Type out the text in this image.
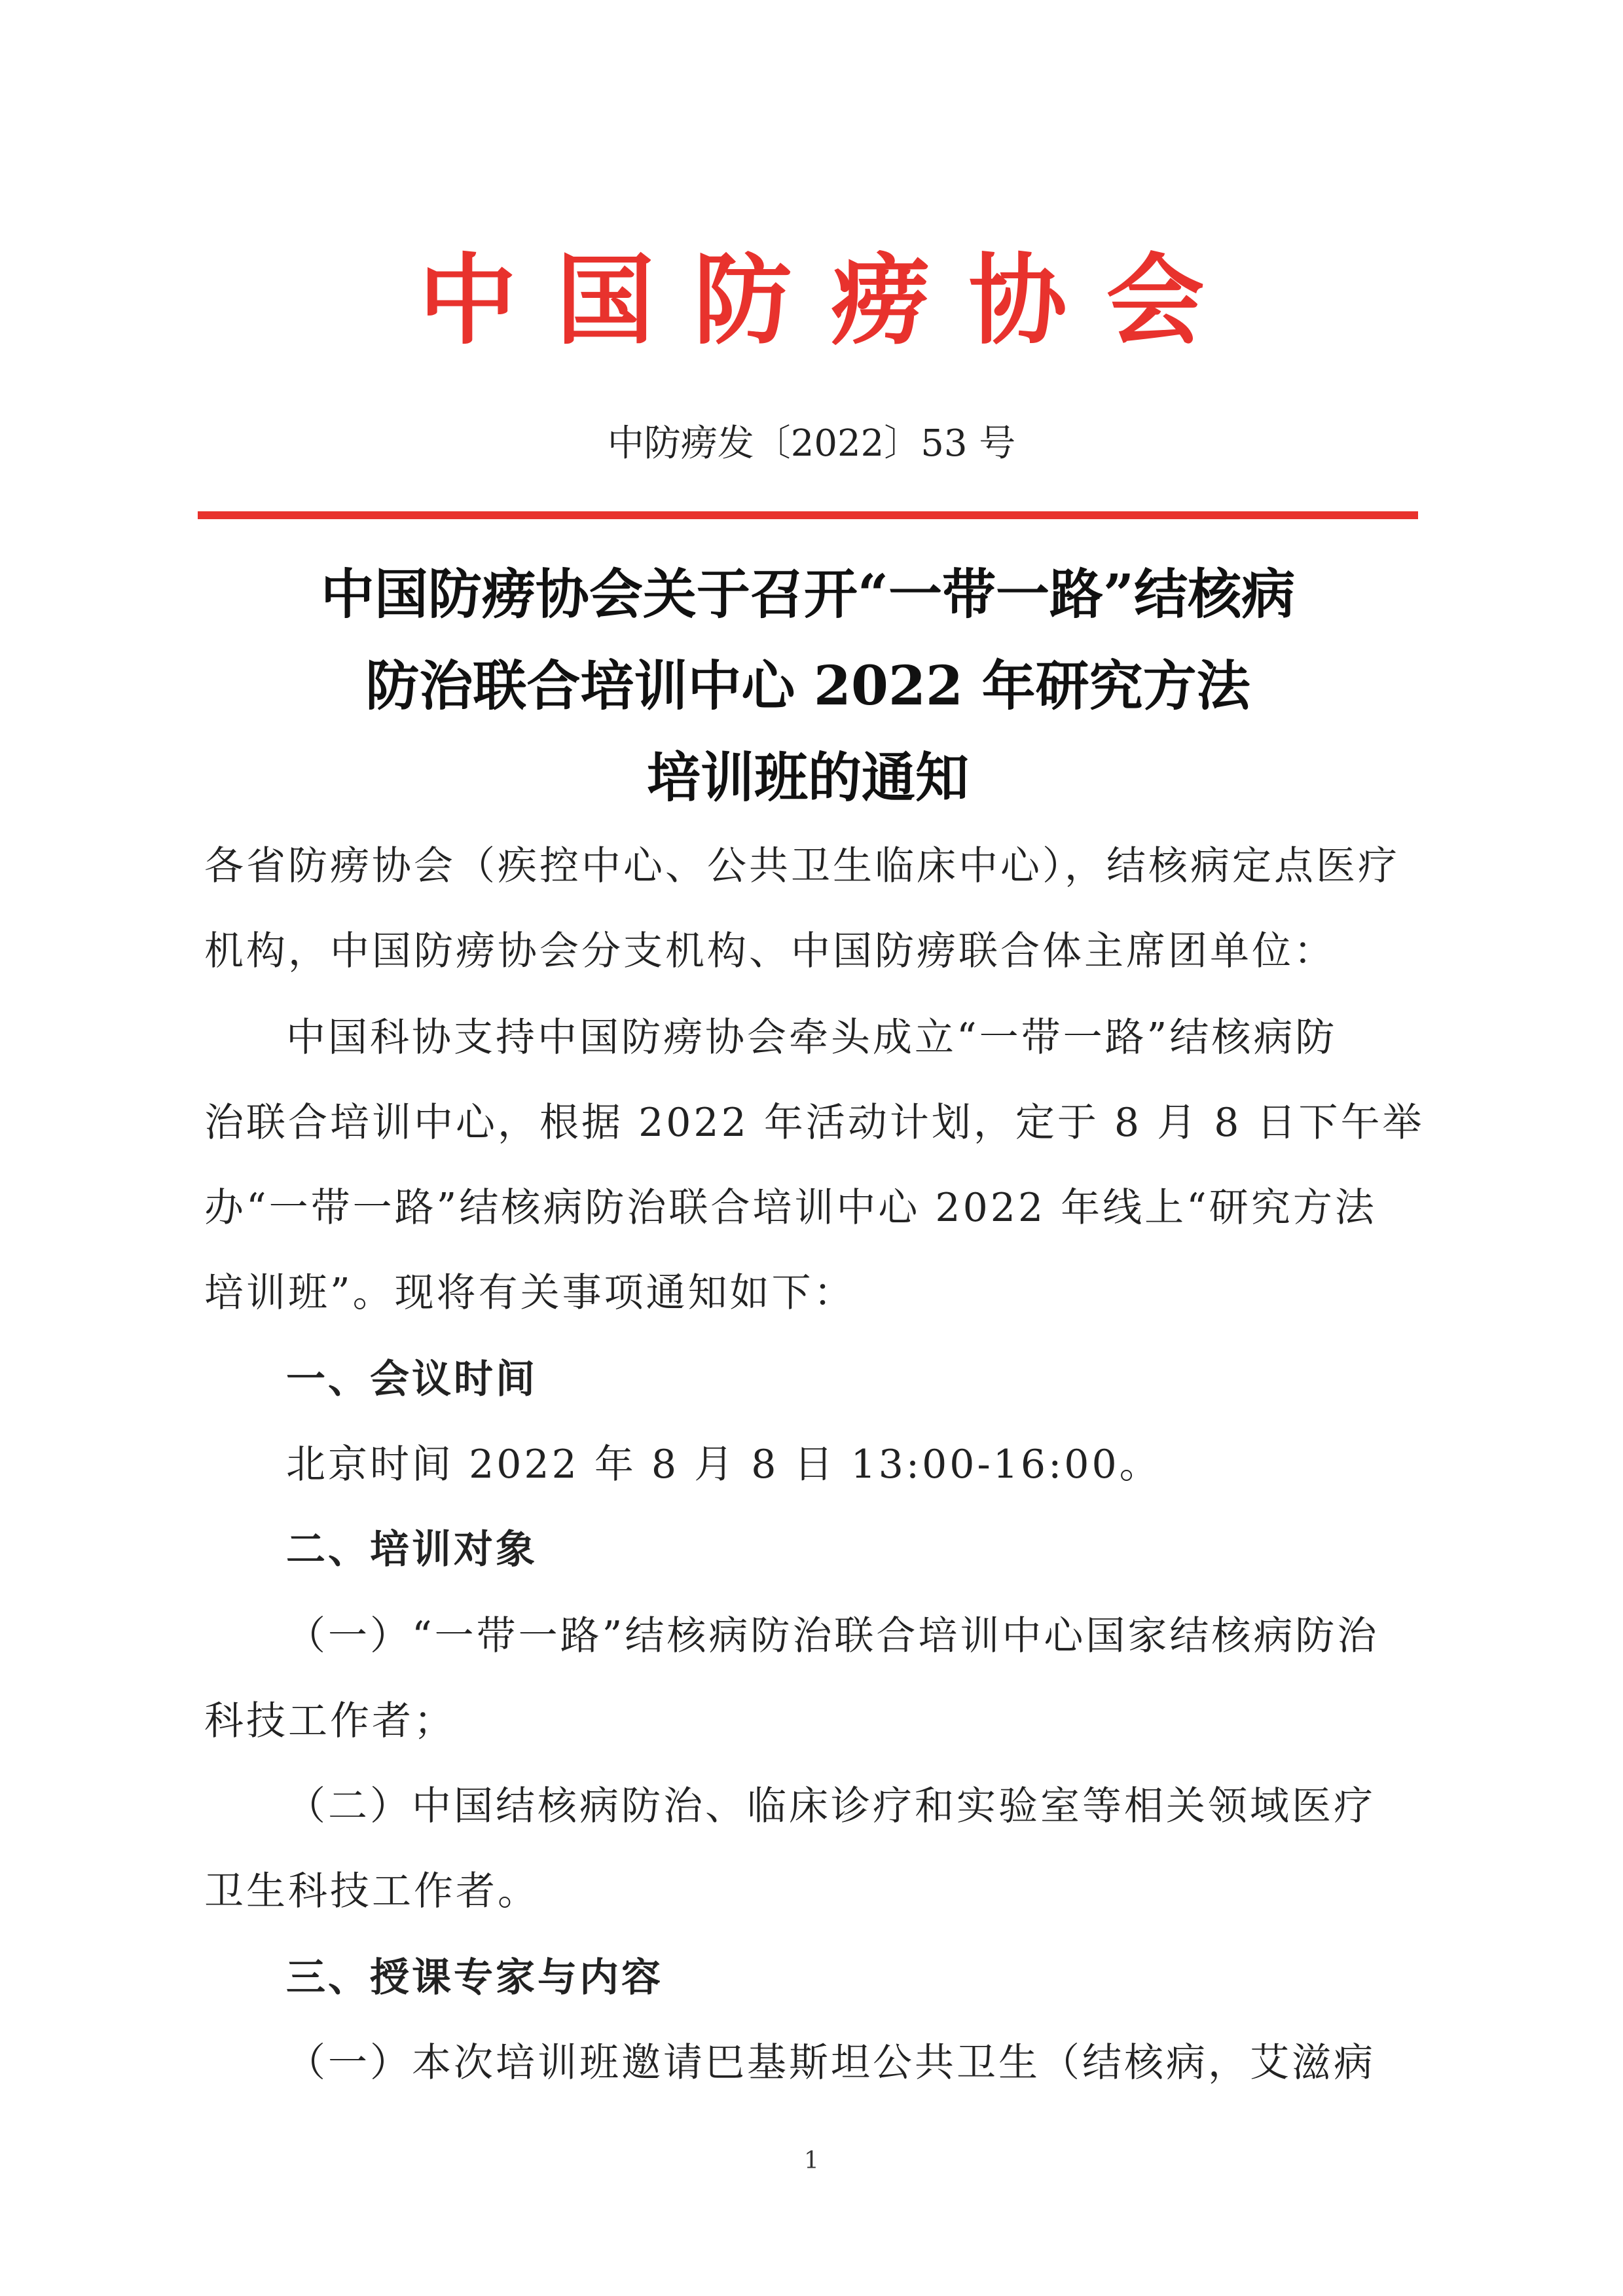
中国防痨协会
中防痨发〔2022〕53 号
中国防痨协会关于召开“一带一路”结核病
防治联合培训中心 2022 年研究方法
培训班的通知
各省防痨协会（疾控中心、公共卫生临床中心），结核病定点医疗
机构，中国防痨协会分支机构、中国防痨联合体主席团单位：
中国科协支持中国防痨协会牵头成立“一带一路”结核病防
治联合培训中心，根据 2022 年活动计划，定于 8 月 8 日下午举
办“一带一路”结核病防治联合培训中心 2022 年线上“研究方法
培训班”。现将有关事项通知如下：
一、会议时间
北京时间 2022 年 8 月 8 日 13:00-16:00。
二、培训对象
（一）“一带一路”结核病防治联合培训中心国家结核病防治
科技工作者；
（二）中国结核病防治、临床诊疗和实验室等相关领域医疗
卫生科技工作者。
三、授课专家与内容
（一）本次培训班邀请巴基斯坦公共卫生（结核病，艾滋病
1
